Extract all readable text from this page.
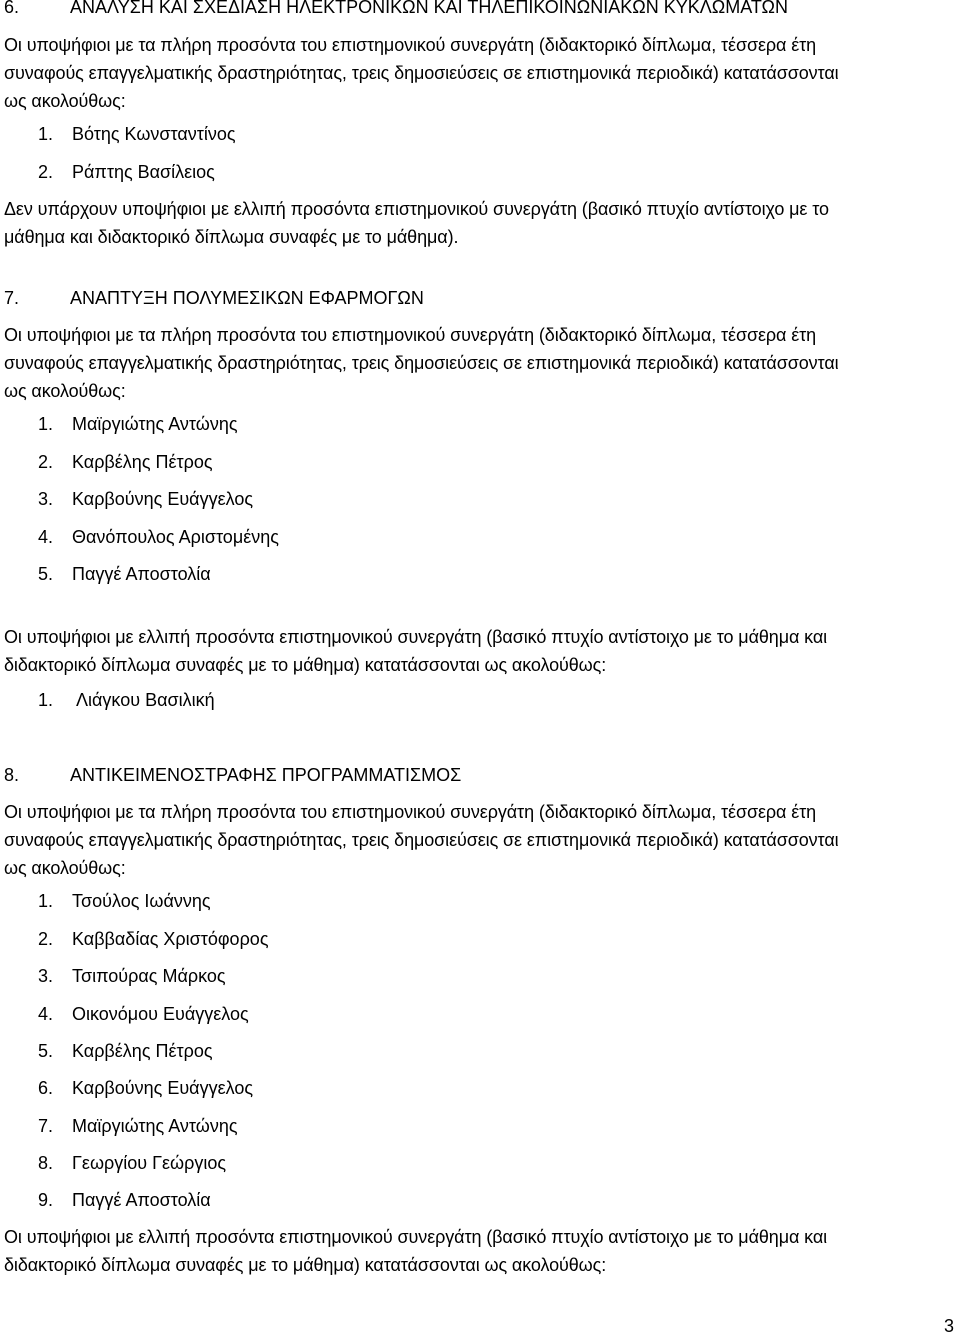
6.	ΑΝΑΛΥΣΗ ΚΑΙ ΣΧΕΔΙΑΣΗ ΗΛΕΚΤΡΟΝΙΚΩΝ ΚΑΙ ΤΗΛΕΠΙΚΟΙΝΩΝΙΑΚΩΝ ΚΥΚΛΩΜΑΤΩΝ
Οι υποψήφιοι με τα πλήρη προσόντα του επιστημονικού συνεργάτη (διδακτορικό δίπλωμα, τέσσερα έτη
συναφούς επαγγελματικής δραστηριότητας, τρεις δημοσιεύσεις σε επιστημονικά περιοδικά) κατατάσσονται
ως ακολούθως:
1. Βότης Κωνσταντίνος
2. Ράπτης Βασίλειος
Δεν υπάρχουν υποψήφιοι με ελλιπή προσόντα επιστημονικού συνεργάτη (βασικό πτυχίο αντίστοιχο με το
μάθημα και διδακτορικό δίπλωμα συναφές με το μάθημα).
7.	ΑΝΑΠΤΥΞΗ ΠΟΛΥΜΕΣΙΚΩΝ ΕΦΑΡΜΟΓΩΝ
Οι υποψήφιοι με τα πλήρη προσόντα του επιστημονικού συνεργάτη (διδακτορικό δίπλωμα, τέσσερα έτη
συναφούς επαγγελματικής δραστηριότητας, τρεις δημοσιεύσεις σε επιστημονικά περιοδικά) κατατάσσονται
ως ακολούθως:
1. Μαϊργιώτης Αντώνης
2. Καρβέλης Πέτρος
3. Καρβούνης Ευάγγελος
4. Θανόπουλος Αριστομένης
5. Παγγέ Αποστολία
Οι υποψήφιοι με ελλιπή προσόντα επιστημονικού συνεργάτη (βασικό πτυχίο αντίστοιχο με το μάθημα και
διδακτορικό δίπλωμα συναφές με το μάθημα) κατατάσσονται ως ακολούθως:
1. Λιάγκου Βασιλική
8.	ΑΝΤΙΚΕΙΜΕΝΟΣΤΡΑΦΗΣ ΠΡΟΓΡΑΜΜΑΤΙΣΜΟΣ
Οι υποψήφιοι με τα πλήρη προσόντα του επιστημονικού συνεργάτη (διδακτορικό δίπλωμα, τέσσερα έτη
συναφούς επαγγελματικής δραστηριότητας, τρεις δημοσιεύσεις σε επιστημονικά περιοδικά) κατατάσσονται
ως ακολούθως:
1. Τσούλος Ιωάννης
2. Καββαδίας Χριστόφορος
3. Τσιπούρας Μάρκος
4. Οικονόμου Ευάγγελος
5. Καρβέλης Πέτρος
6. Καρβούνης Ευάγγελος
7. Μαϊργιώτης Αντώνης
8. Γεωργίου Γεώργιος
9. Παγγέ Αποστολία
Οι υποψήφιοι με ελλιπή προσόντα επιστημονικού συνεργάτη (βασικό πτυχίο αντίστοιχο με το μάθημα και
διδακτορικό δίπλωμα συναφές με το μάθημα) κατατάσσονται ως ακολούθως:
3
